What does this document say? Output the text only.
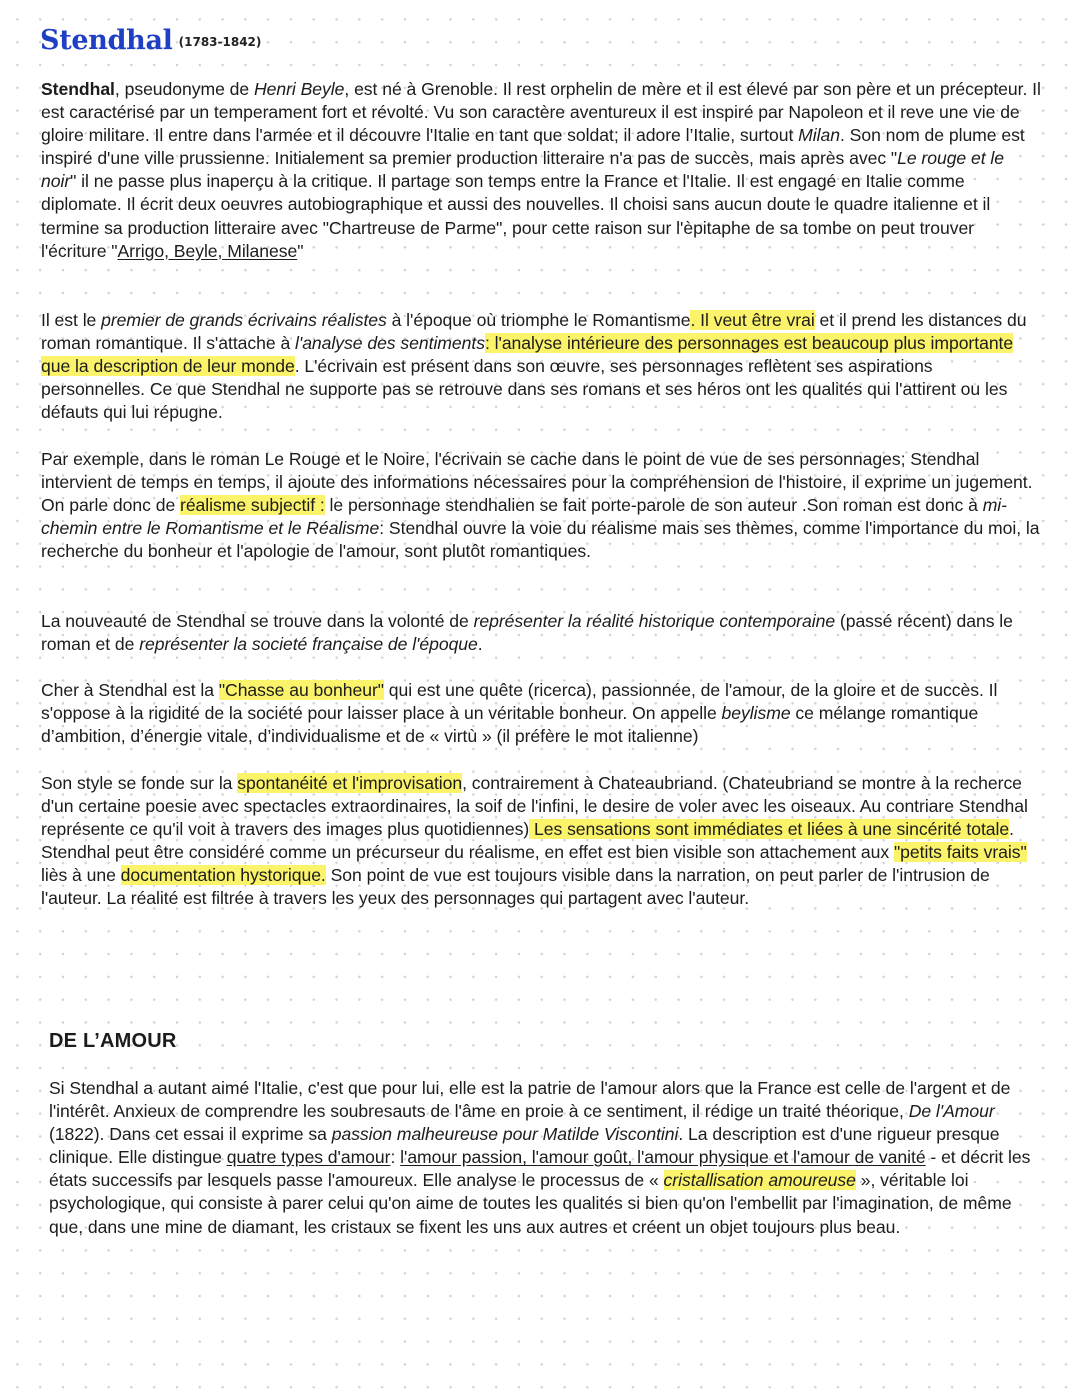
Stendhal (1783-1842)

Stendhal, pseudonyme de Henri Beyle, est né à Grenoble. Il rest orphelin de mère et il est élevé par son père et un précepteur. Il est caractérisé par un temperament fort et révolté. Vu son caractère aventureux il est inspiré par Napoleon et il reve une vie de gloire militare. Il entre dans l'armée et il découvre l'Italie en tant que soldat; il adore l’Italie, surtout Milan. Son nom de plume est inspiré d'une ville prussienne. Initialement sa premier production litteraire n'a pas de succès, mais après avec "Le rouge et le noir" il ne passe plus inaperçu à la critique. Il partage son temps entre la France et l'Italie. Il est engagé en Italie comme diplomate. Il écrit deux oeuvres autobiographique et aussi des nouvelles. Il choisi sans aucun doute le quadre italienne et il termine sa production litteraire avec "Chartreuse de Parme", pour cette raison sur l'èpitaphe de sa tombe on peut trouver l'écriture "Arrigo, Beyle, Milanese"

Il est le premier de grands écrivains réalistes à l'époque où triomphe le Romantisme. Il veut être vrai et il prend les distances du roman romantique. Il s'attache à l'analyse des sentiments: l'analyse intérieure des personnages est beaucoup plus importante que la description de leur monde. L'écrivain est présent dans son œuvre, ses personnages reflètent ses aspirations personnelles. Ce que Stendhal ne supporte pas se retrouve dans ses romans et ses héros ont les qualités qui l'attirent ou les défauts qui lui répugne.

Par exemple, dans le roman Le Rouge et le Noire, l'écrivain se cache dans le point de vue de ses personnages; Stendhal intervient de temps en temps, il ajoute des informations nécessaires pour la compréhension de l'histoire, il exprime un jugement. On parle donc de réalisme subjectif : le personnage stendhalien se fait porte-parole de son auteur .Son roman est donc à mi-chemin entre le Romantisme et le Réalisme: Stendhal ouvre la voie du réalisme mais ses thèmes, comme l'importance du moi, la recherche du bonheur et l'apologie de l'amour, sont plutôt romantiques.

La nouveauté de Stendhal se trouve dans la volonté de représenter la réalité historique contemporaine (passé récent) dans le roman et de représenter la societé française de l'époque.

Cher à Stendhal est la "Chasse au bonheur" qui est une quête (ricerca), passionnée, de l'amour, de la gloire et de succès. Il s'oppose à la rigidité de la société pour laisser place à un véritable bonheur. On appelle beylisme ce mélange romantique d’ambition, d’énergie vitale, d’individualisme et de « virtù » (il préfère le mot italienne)

Son style se fonde sur la spontanéité et l'improvisation, contrairement à Chateaubriand. (Chateubriand se montre à la recherce d'un certaine poesie avec spectacles extraordinaires, la soif de l'infini, le desire de voler avec les oiseaux. Au contriare Stendhal représente ce qu'il voit à travers des images plus quotidiennes) Les sensations sont immédiates et liées à une sincérité totale. Stendhal peut être considéré comme un précurseur du réalisme, en effet est bien visible son attachement aux "petits faits vrais" liès à une documentation hystorique. Son point de vue est toujours visible dans la narration, on peut parler de l'intrusion de l'auteur. La réalité est filtrée à travers les yeux des personnages qui partagent avec l'auteur.

DE L’AMOUR

Si Stendhal a autant aimé l'Italie, c'est que pour lui, elle est la patrie de l'amour alors que la France est celle de l'argent et de l'intérêt. Anxieux de comprendre les soubresauts de l'âme en proie à ce sentiment, il rédige un traité théorique, De l'Amour (1822). Dans cet essai il exprime sa passion malheureuse pour Matilde Viscontini. La description est d'une rigueur presque clinique. Elle distingue quatre types d'amour: l'amour passion, l'amour goût, l'amour physique et l'amour de vanité - et décrit les états successifs par lesquels passe l'amoureux. Elle analyse le processus de « cristallisation amoureuse », véritable loi psychologique, qui consiste à parer celui qu'on aime de toutes les qualités si bien qu'on l'embellit par l'imagination, de même que, dans une mine de diamant, les cristaux se fixent les uns aux autres et créent un objet toujours plus beau.
